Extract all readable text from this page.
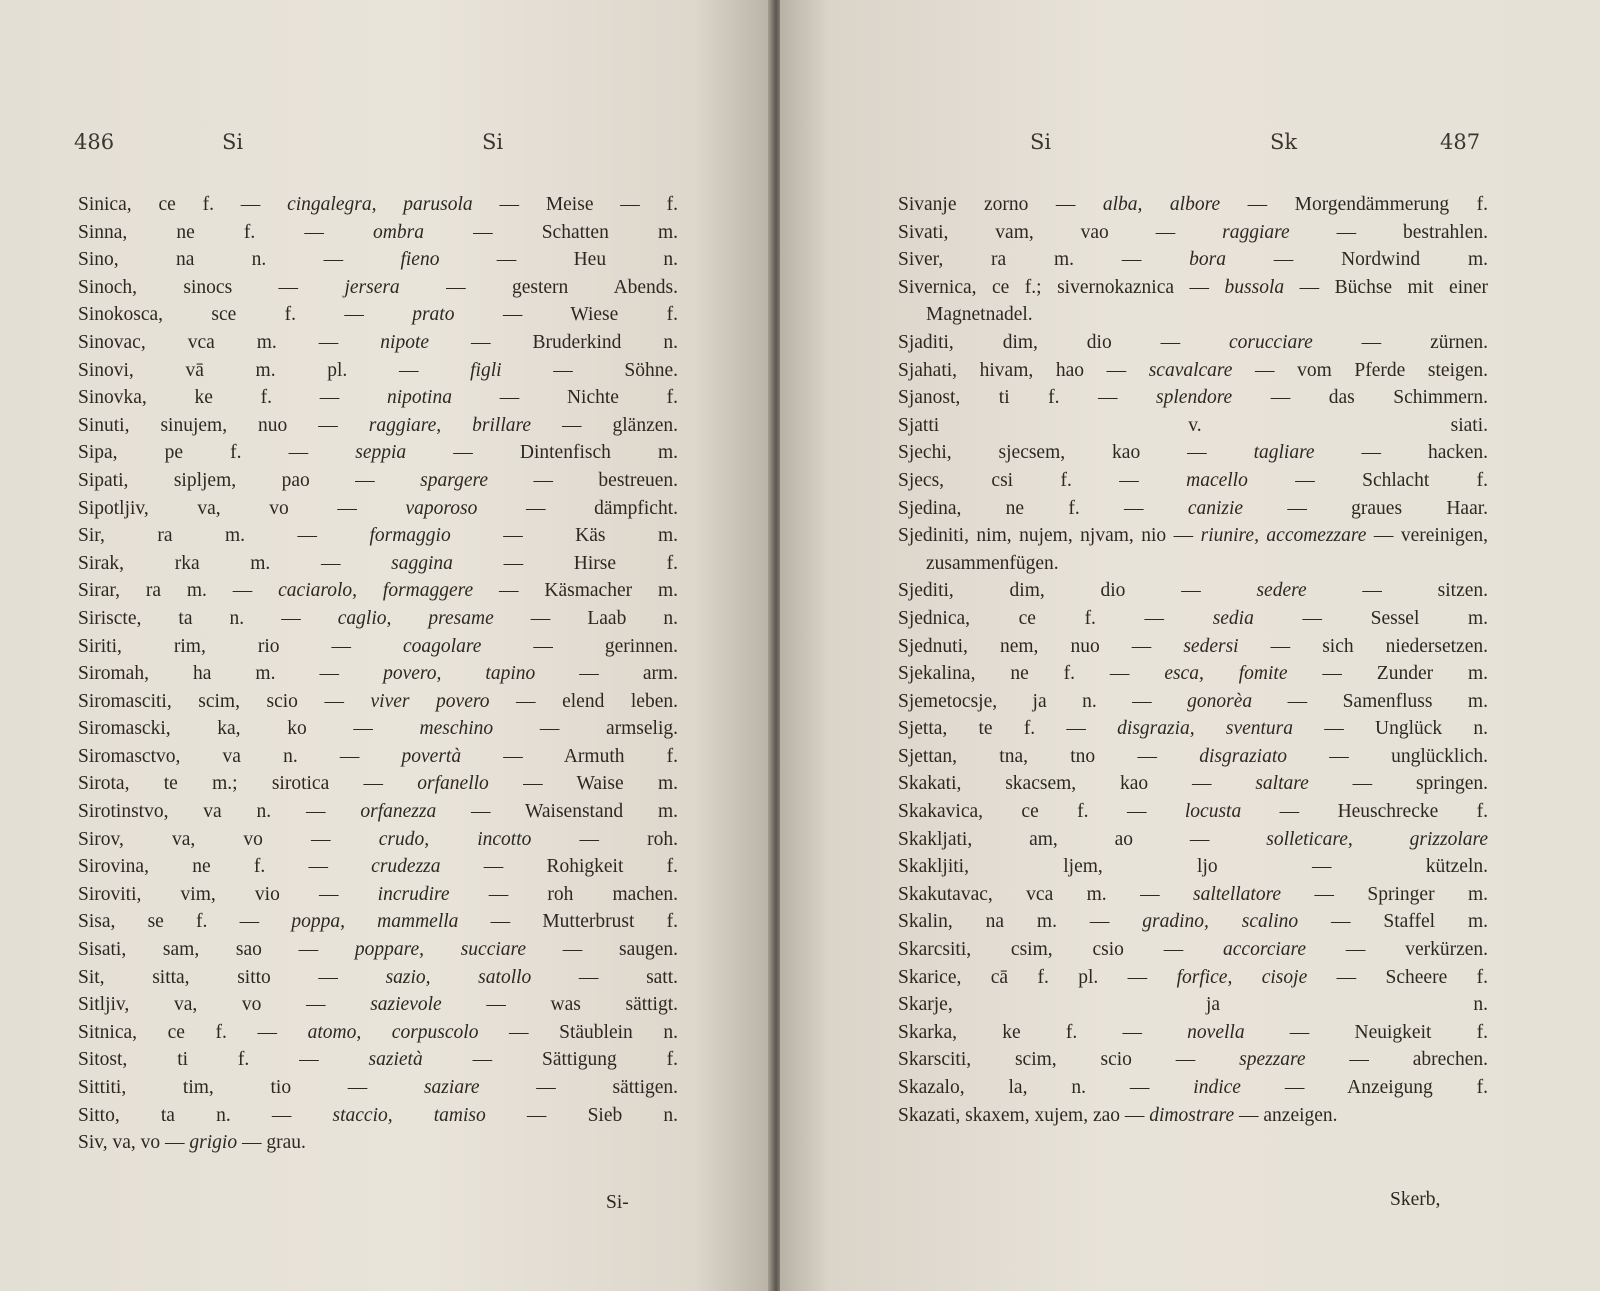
486	Si	Si
Sinica, ce f. — cingalegra, parusola — Meise — f.
Sinna, ne f. — ombra — Schatten m.
Sino, na n. — fieno — Heu n.
Sinoch, sinocs — jersera — gestern Abends.
Sinokosca, sce f. — prato — Wiese f.
Sinovac, vca m. — nipote — Bruderkind n.
Sinovi, vā m. pl. — figli — Söhne.
Sinovka, ke f. — nipotina — Nichte f.
Sinuti, sinujem, nuo — raggiare, brillare — glänzen.
Sipa, pe f. — seppia — Dintenfisch m.
Sipati, sipljem, pao — spargere — bestreuen.
Sipotljiv, va, vo — vaporoso — dämpficht.
Sir, ra m. — formaggio — Käs m.
Sirak, rka m. — saggina — Hirse f.
Sirar, ra m. — caciarolo, formaggere — Käsmacher m.
Siriscte, ta n. — caglio, presame — Laab n.
Siriti, rim, rio — coagolare — gerinnen.
Siromah, ha m. — povero, tapino — arm.
Siromasciti, scim, scio — viver povero — elend leben.
Siromascki, ka, ko — meschino — armselig.
Siromasctvo, va n. — povertà — Armuth f.
Sirota, te m.; sirotica — orfanello — Waise m.
Sirotinstvo, va n. — orfanezza — Waisenstand m.
Sirov, va, vo — crudo, incotto — roh.
Sirovina, ne f. — crudezza — Rohigkeit f.
Siroviti, vim, vio — incrudire — roh machen.
Sisa, se f. — poppa, mammella — Mutterbrust f.
Sisati, sam, sao — poppare, succiare — saugen.
Sit, sitta, sitto — sazio, satollo — satt.
Sitljiv, va, vo — sazievole — was sättigt.
Sitnica, ce f. — atomo, corpuscolo — Stäublein n.
Sitost, ti f. — sazietà — Sättigung f.
Sittiti, tim, tio — saziare — sättigen.
Sitto, ta n. — staccio, tamiso — Sieb n.
Siv, va, vo — grigio — grau.
Si-
Si	Sk	487
Sivanje zorno — alba, albore — Morgendämmerung f.
Sivati, vam, vao — raggiare — bestrahlen.
Siver, ra m. — bora — Nordwind m.
Sivernica, ce f.; sivernokaznica — bussola — Büchse mit einer Magnetnadel.
Sjaditi, dim, dio — corucciare — zürnen.
Sjahati, hivam, hao — scavalcare — vom Pferde steigen.
Sjanost, ti f. — splendore — das Schimmern.
Sjatti v. siati.
Sjechi, sjecsem, kao — tagliare — hacken.
Sjecs, csi f. — macello — Schlacht f.
Sjedina, ne f. — canizie — graues Haar.
Sjediniti, nim, nujem, njvam, nio — riunire, accomezzare — vereinigen, zusammenfügen.
Sjediti, dim, dio — sedere — sitzen.
Sjednica, ce f. — sedia — Sessel m.
Sjednuti, nem, nuo — sedersi — sich niedersetzen.
Sjekalina, ne f. — esca, fomite — Zunder m.
Sjemetocsje, ja n. — gonorèa — Samenfluss m.
Sjetta, te f. — disgrazia, sventura — Unglück n.
Sjettan, tna, tno — disgraziato — unglücklich.
Skakati, skacsem, kao — saltare — springen.
Skakavica, ce f. — locusta — Heuschrecke f.
Skakljati, am, ao — solleticare, grizzolare
Skakljiti, ljem, ljo — kützeln.
Skakutavac, vca m. — saltellatore — Springer m.
Skalin, na m. — gradino, scalino — Staffel m.
Skarcsiti, csim, csio — accorciare — verkürzen.
Skarice, cā f. pl. — forfice, cisoje — Scheere f.
Skarje, ja n.
Skarka, ke f. — novella — Neuigkeit f.
Skarsciti, scim, scio — spezzare — abrechen.
Skazalo, la, n. — indice — Anzeigung f.
Skazati, skaxem, xujem, zao — dimostrare — anzeigen.
Skerb,
